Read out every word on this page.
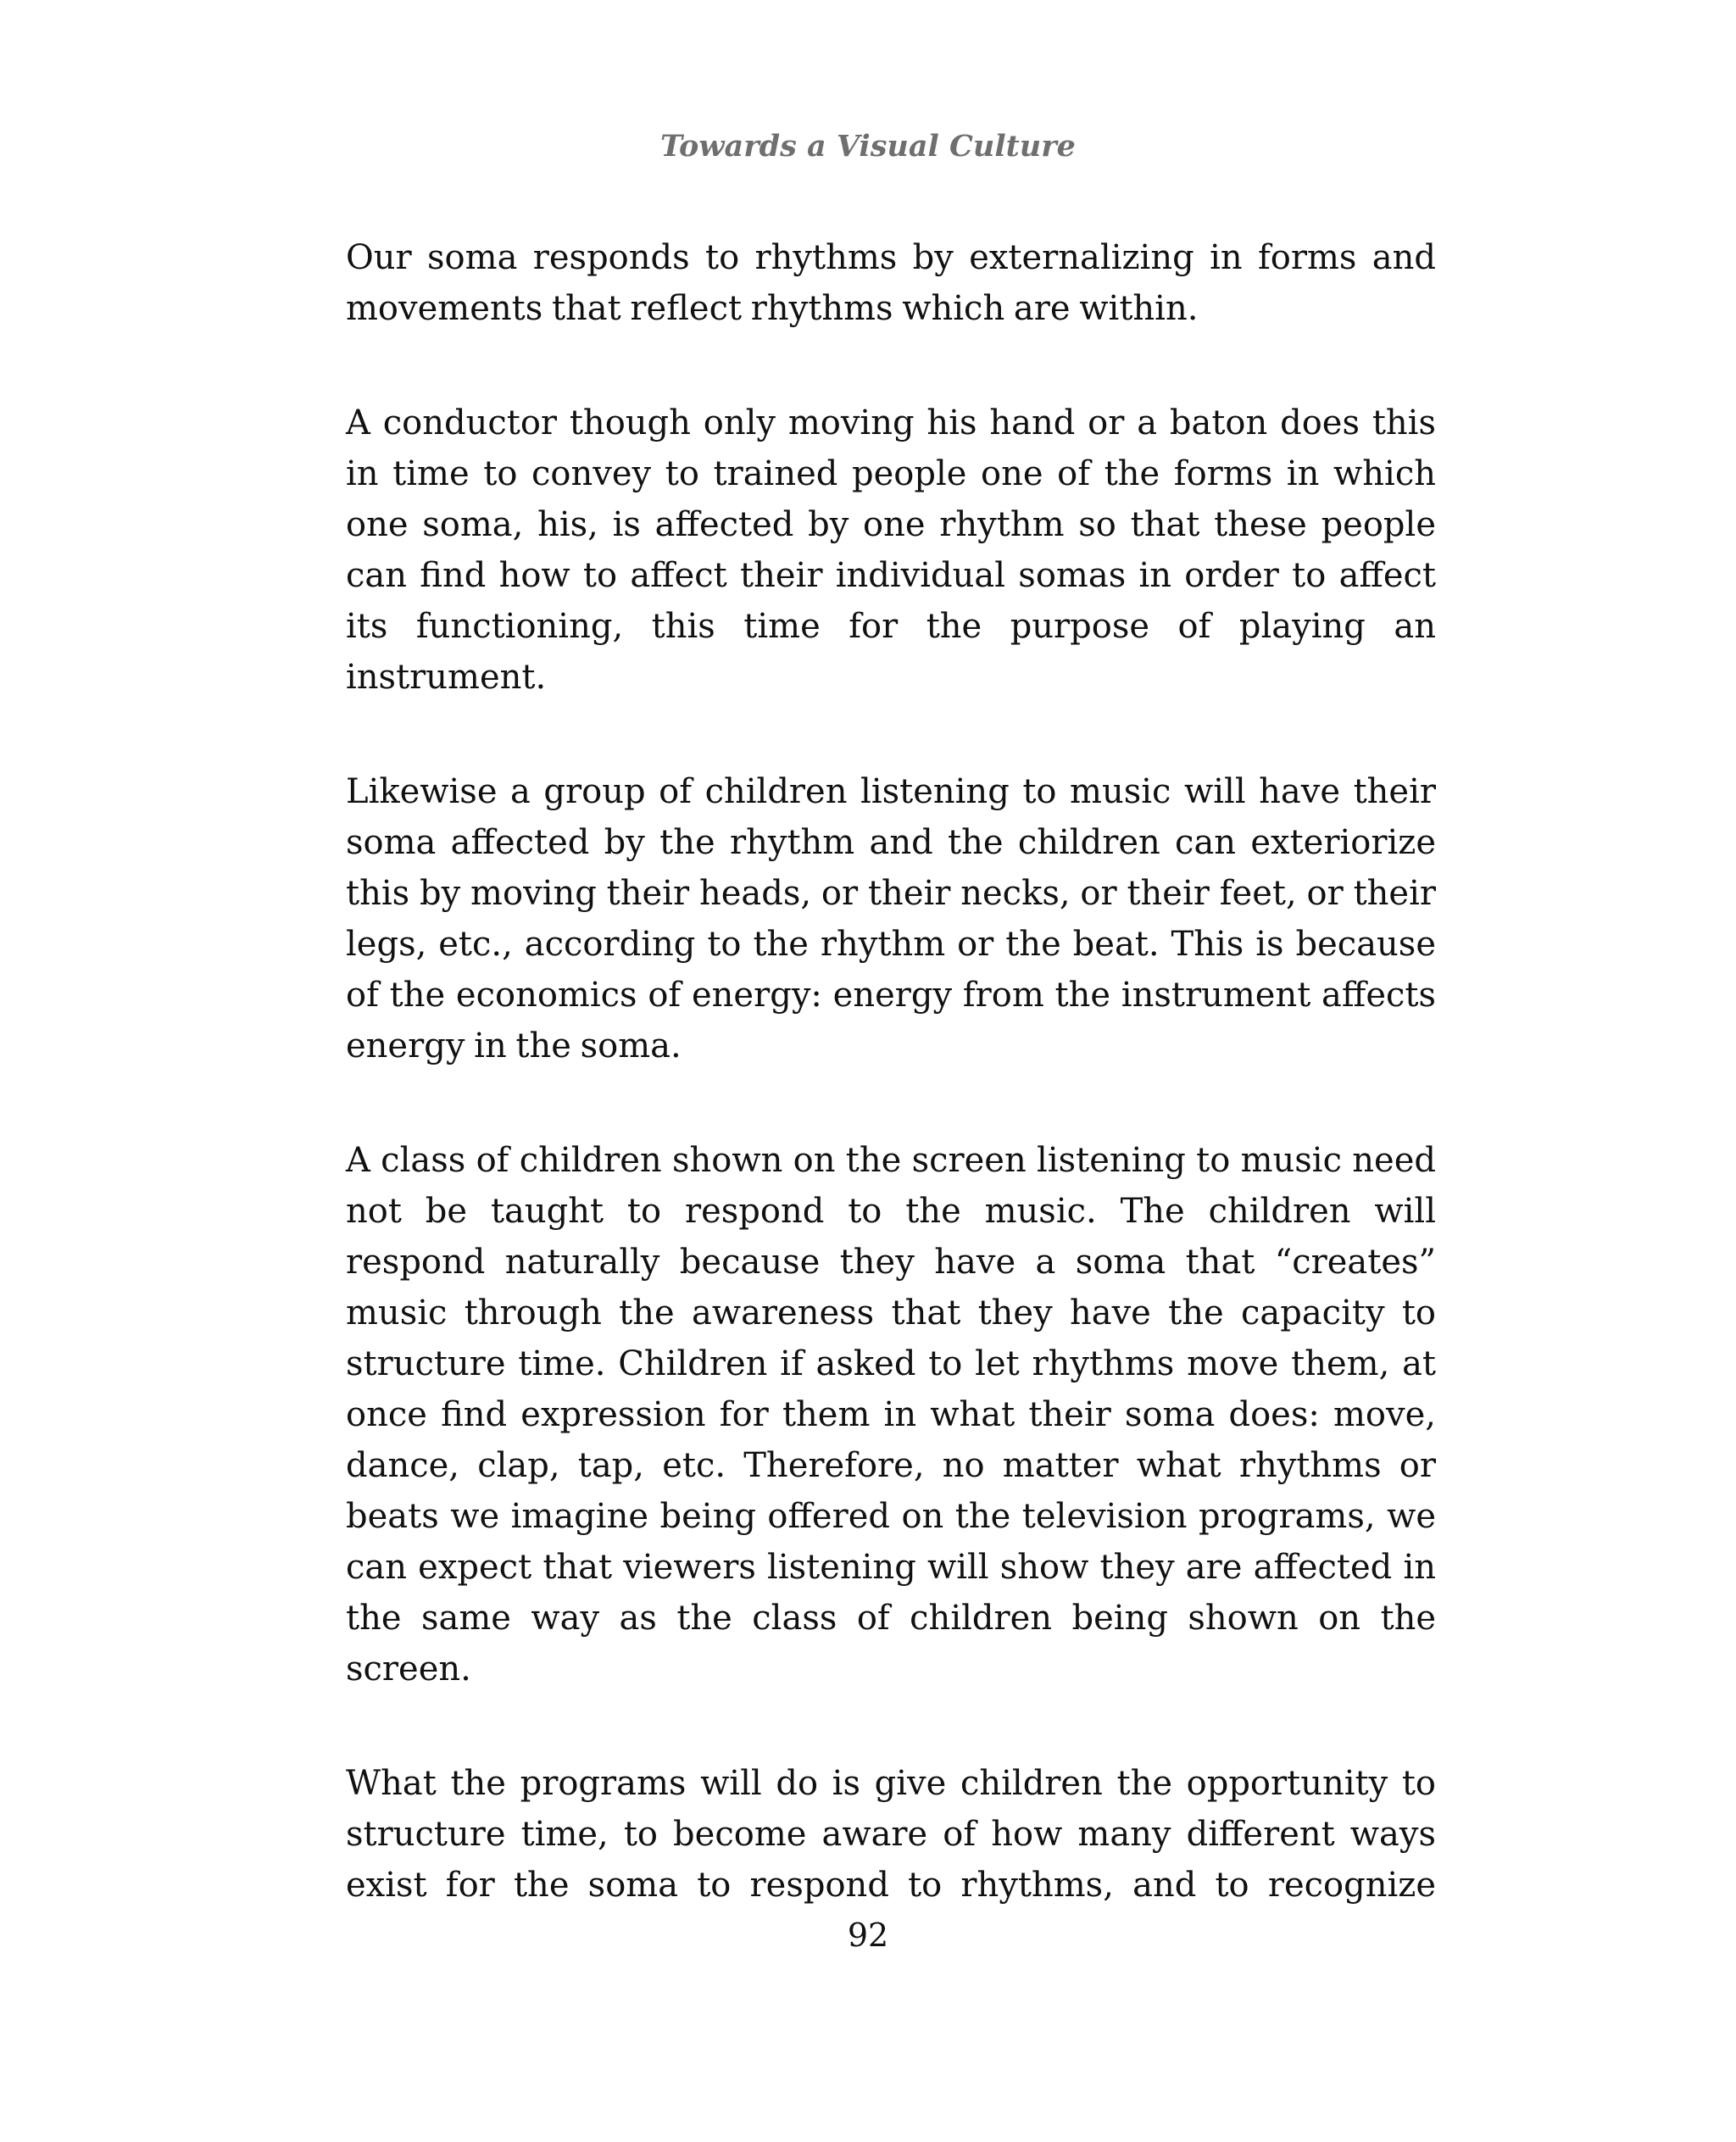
Towards a Visual Culture

Our soma responds to rhythms by externalizing in forms and movements that reflect rhythms which are within.

A conductor though only moving his hand or a baton does this in time to convey to trained people one of the forms in which one soma, his, is affected by one rhythm so that these people can find how to affect their individual somas in order to affect its functioning, this time for the purpose of playing an instrument.

Likewise a group of children listening to music will have their soma affected by the rhythm and the children can exteriorize this by moving their heads, or their necks, or their feet, or their legs, etc., according to the rhythm or the beat. This is because of the economics of energy: energy from the instrument affects energy in the soma.

A class of children shown on the screen listening to music need not be taught to respond to the music. The children will respond naturally because they have a soma that “creates” music through the awareness that they have the capacity to structure time. Children if asked to let rhythms move them, at once find expression for them in what their soma does: move, dance, clap, tap, etc. Therefore, no matter what rhythms or beats we imagine being offered on the television programs, we can expect that viewers listening will show they are affected in the same way as the class of children being shown on the screen.

What the programs will do is give children the opportunity to structure time, to become aware of how many different ways exist for the soma to respond to rhythms, and to recognize

92
